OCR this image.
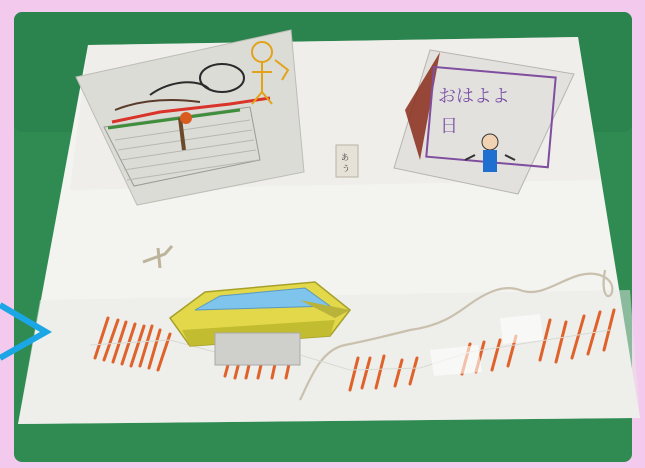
あ
う
おはよよ
日
